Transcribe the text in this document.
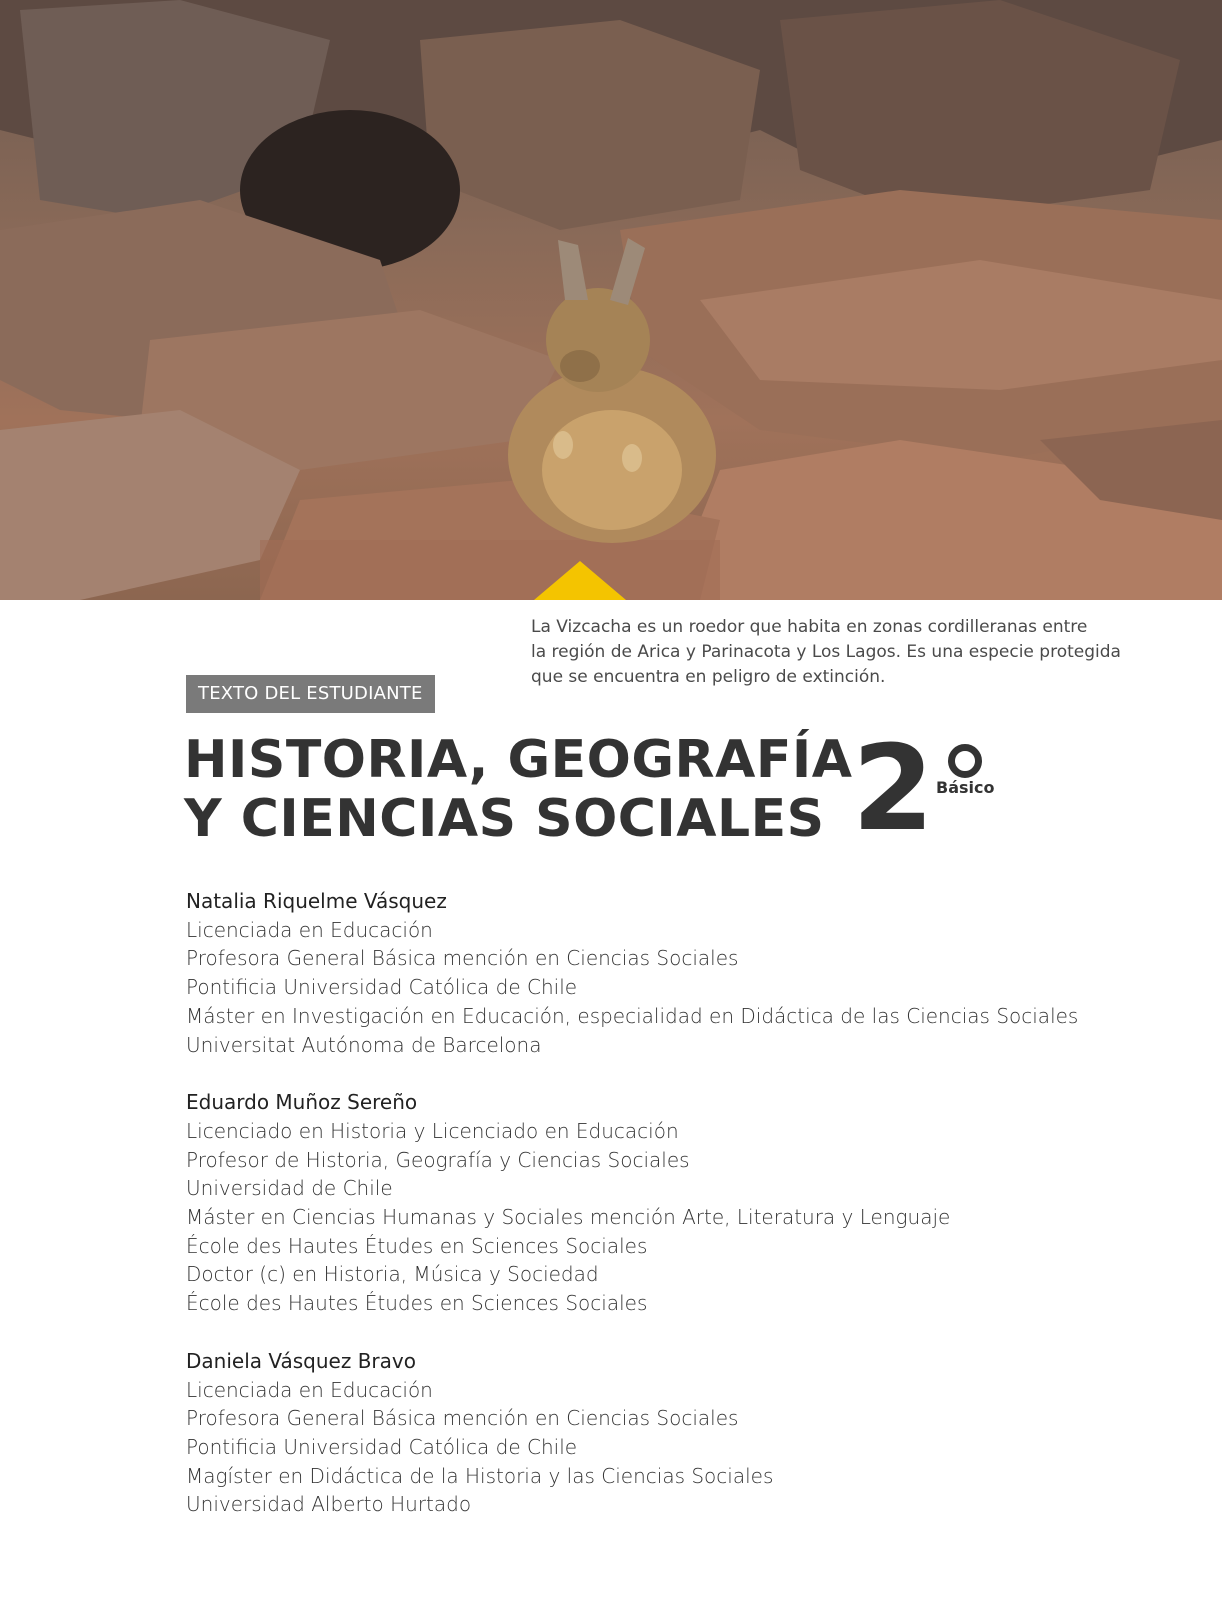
La Vizcacha es un roedor que habita en zonas cordilleranas entre
la región de Arica y Parinacota y Los Lagos. Es una especie protegida
que se encuentra en peligro de extinción.
TEXTO DEL ESTUDIANTE
HISTORIA, GEOGRAFÍA
Y CIENCIAS SOCIALES 2 Básico
Natalia Riquelme Vásquez
Licenciada en Educación
Profesora General Básica mención en Ciencias Sociales
Pontificia Universidad Católica de Chile
Máster en Investigación en Educación, especialidad en Didáctica de las Ciencias Sociales
Universitat Autónoma de Barcelona
Eduardo Muñoz Sereño
Licenciado en Historia y Licenciado en Educación
Profesor de Historia, Geografía y Ciencias Sociales
Universidad de Chile
Máster en Ciencias Humanas y Sociales mención Arte, Literatura y Lenguaje
École des Hautes Études en Sciences Sociales
Doctor (c) en Historia, Música y Sociedad
École des Hautes Études en Sciences Sociales
Daniela Vásquez Bravo
Licenciada en Educación
Profesora General Básica mención en Ciencias Sociales
Pontificia Universidad Católica de Chile
Magíster en Didáctica de la Historia y las Ciencias Sociales
Universidad Alberto Hurtado
